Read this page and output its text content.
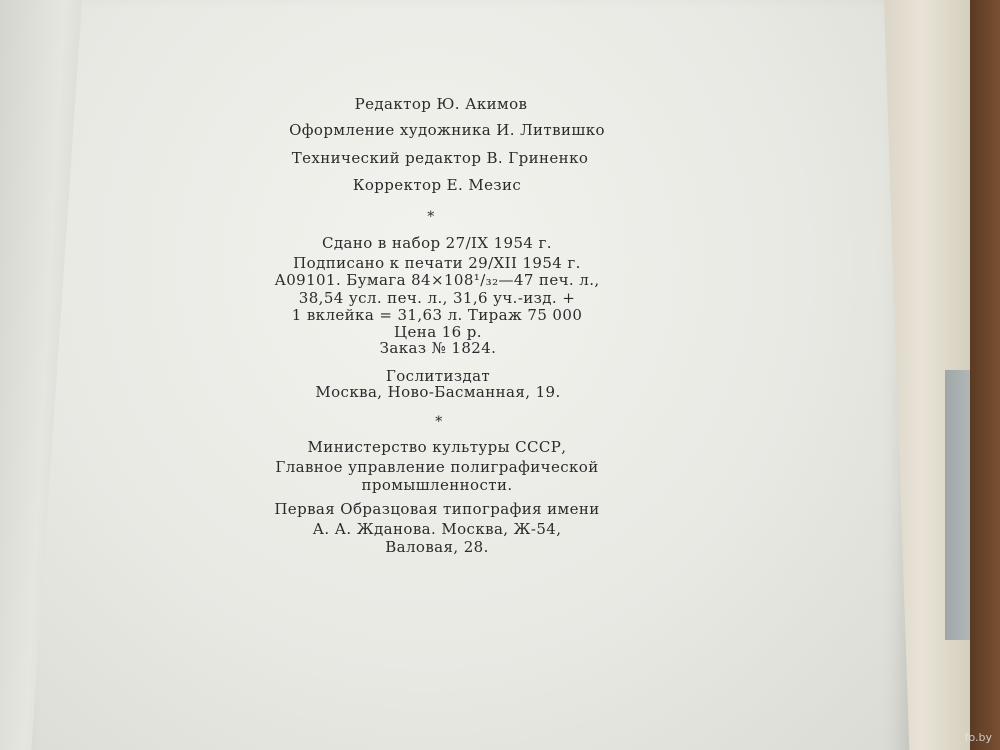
Редактор Ю. Акимов
Оформление художника И. Литвишко
Технический редактор В. Гриненко
Корректор Е. Мезис
*
Сдано в набор 27/IX 1954 г.
Подписано к печати 29/XII 1954 г.
А09101. Бумага 84×108¹/₃₂—47 печ. л.,
38,54 усл. печ. л., 31,6 уч.-изд. +
1 вклейка = 31,63 л. Тираж 75 000
Цена 16 р.
Заказ № 1824.
Гослитиздат
Москва, Ново-Басманная, 19.
*
Министерство культуры СССР,
Главное управление полиграфической
промышленности.
Первая Образцовая типография имени
А. А. Жданова. Москва, Ж-54,
Валовая, 28.
fo.by
